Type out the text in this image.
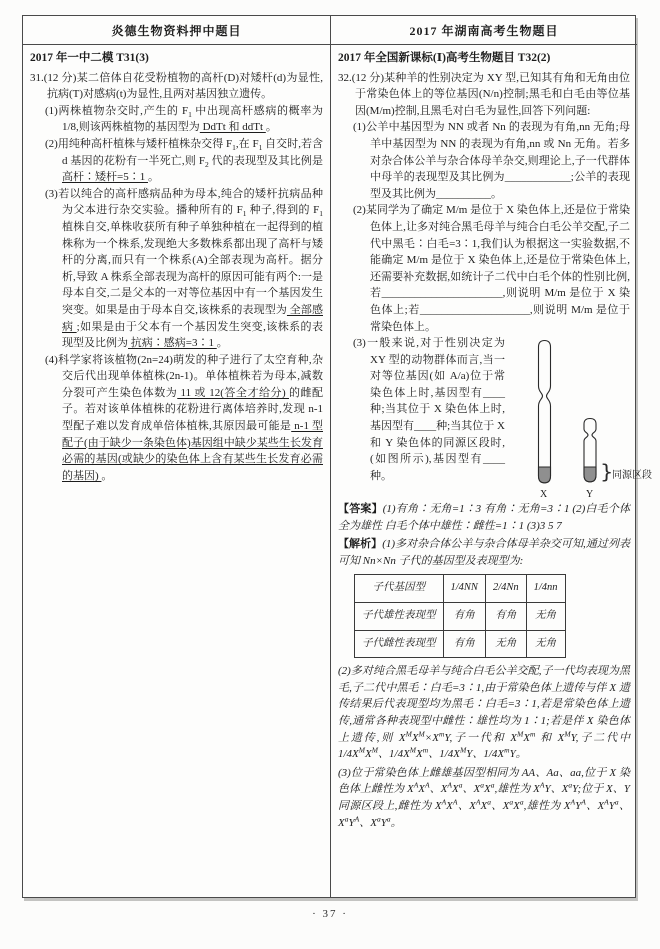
炎德生物资料押中题目	2017 年湖南高考生物题目
2017 年一中二模 T31(3)
31.(12 分)某二倍体自花受粉植物的高杆(D)对矮杆(d)为显性,抗病(T)对感病(t)为显性,且两对基因独立遗传。
(1)两株植物杂交时,产生的 $F_1$ 中出现高杆感病的概率为 1/8,则该两株植物的基因型为 DdTt 和 ddTt 。
(2)用纯种高杆植株与矮杆植株杂交得 $F_1$,在 $F_1$ 自交时,若含 d 基因的花粉有一半死亡,则 $F_2$ 代的表现型及其比例是 高杆∶矮杆=5∶1 。
(3)若以纯合的高杆感病品种为母本,纯合的矮杆抗病品种为父本进行杂交实验。播种所有的 $F_1$ 种子,得到的 $F_1$ 植株自交,单株收获所有种子单独种植在一起得到的植株称为一个株系,发现绝大多数株系都出现了高杆与矮杆的分离,而只有一个株系(A)全部表现为高杆。据分析,导致 A 株系全部表现为高杆的原因可能有两个:一是母本自交,二是父本的一对等位基因中有一个基因发生突变。如果是由于母本自交,该株系的表现型为 全部感病 ;如果是由于父本有一个基因发生突变,该株系的表现型及比例为 抗病∶感病=3∶1 。
(4)科学家将该植物(2n=24)萌发的种子进行了太空育种,杂交后代出现单体植株(2n-1)。单体植株若为母本,减数分裂可产生染色体数为 11 或 12(答全才给分) 的雌配子。若对该单体植株的花粉进行离体培养时,发现 n-1 型配子难以发育成单倍体植株,其原因最可能是 n-1 型配子(由于缺少一条染色体)基因组中缺少某些生长发育必需的基因(或缺少的染色体上含有某些生长发育必需的基因) 。
2017 年全国新课标(Ⅰ)高考生物题目 T32(2)
32.(12 分)某种羊的性别决定为 XY 型,已知其有角和无角由位于常染色体上的等位基因(N/n)控制;黑毛和白毛由等位基因(M/m)控制,且黑毛对白毛为显性,回答下列问题:
(1)公羊中基因型为 NN 或者 Nn 的表现为有角,nn 无角;母羊中基因型为 NN 的表现为有角,nn 或 Nn 无角。若多对杂合体公羊与杂合体母羊杂交,则理论上,子一代群体中母羊的表现型及其比例为____________;公羊的表现型及其比例为__________。
(2)某同学为了确定 M/m 是位于 X 染色体上,还是位于常染色体上,让多对纯合黑毛母羊与纯合白毛公羊交配,子二代中黑毛∶白毛=3∶1,我们认为根据这一实验数据,不能确定 M/m 是位于 X 染色体上,还是位于常染色体上,还需要补充数据,如统计子二代中白毛个体的性别比例,若______________________,则说明 M/m 是位于 X 染色体上;若____________________,则说明 M/m 是位于常染色体上。
}
同源区段
X	Y
(3)一般来说,对于性别决定为 XY 型的动物群体而言,当一对等位基因(如 A/a)位于常染色体上时,基因型有____种;当其位于 X 染色体上时,基因型有____种;当其位于 X 和 Y 染色体的同源区段时,(如图所示),基因型有____种。
【答案】(1)有角∶无角=1∶3 有角∶无角=3∶1 (2)白毛个体全为雄性 白毛个体中雄性∶雌性=1∶1 (3)3 5 7
【解析】(1)多对杂合体公羊与杂合体母羊杂交可知,通过列表可知 Nn×Nn 子代的基因型及表现型为:
子代基因型	1/4NN	2/4Nn	1/4nn
子代雄性表现型	有角	有角	无角
子代雌性表现型	有角	无角	无角
(2)多对纯合黑毛母羊与纯合白毛公羊交配,子一代均表现为黑毛,子二代中黑毛∶白毛=3∶1,由于常染色体上遗传与伴 X 遗传结果后代表现型均为黑毛∶白毛=3∶1,若是常染色体上遗传,通常各种表现型中雌性∶雄性均为 1∶1;若是伴 X 染色体上遗传,则 $X^MX^M\times X^mY$,子一代和 $X^MX^m$ 和 $X^MY$,子二代中 $1/4X^MX^M$、$1/4X^MX^m$、$1/4X^MY$、$1/4X^mY$。
(3)位于常染色体上雌雄基因型相同为 AA、Aa、aa,位于 X 染色体上雌性为 $X^AX^A$、$X^AX^a$、$X^aX^a$,雄性为 $X^AY$、$X^aY$;位于 X、Y 同源区段上,雌性为 $X^AX^A$、$X^AX^a$、$X^aX^a$,雄性为 $X^AY^A$、$X^AY^a$、$X^aY^A$、$X^aY^a$。
· 37 ·
